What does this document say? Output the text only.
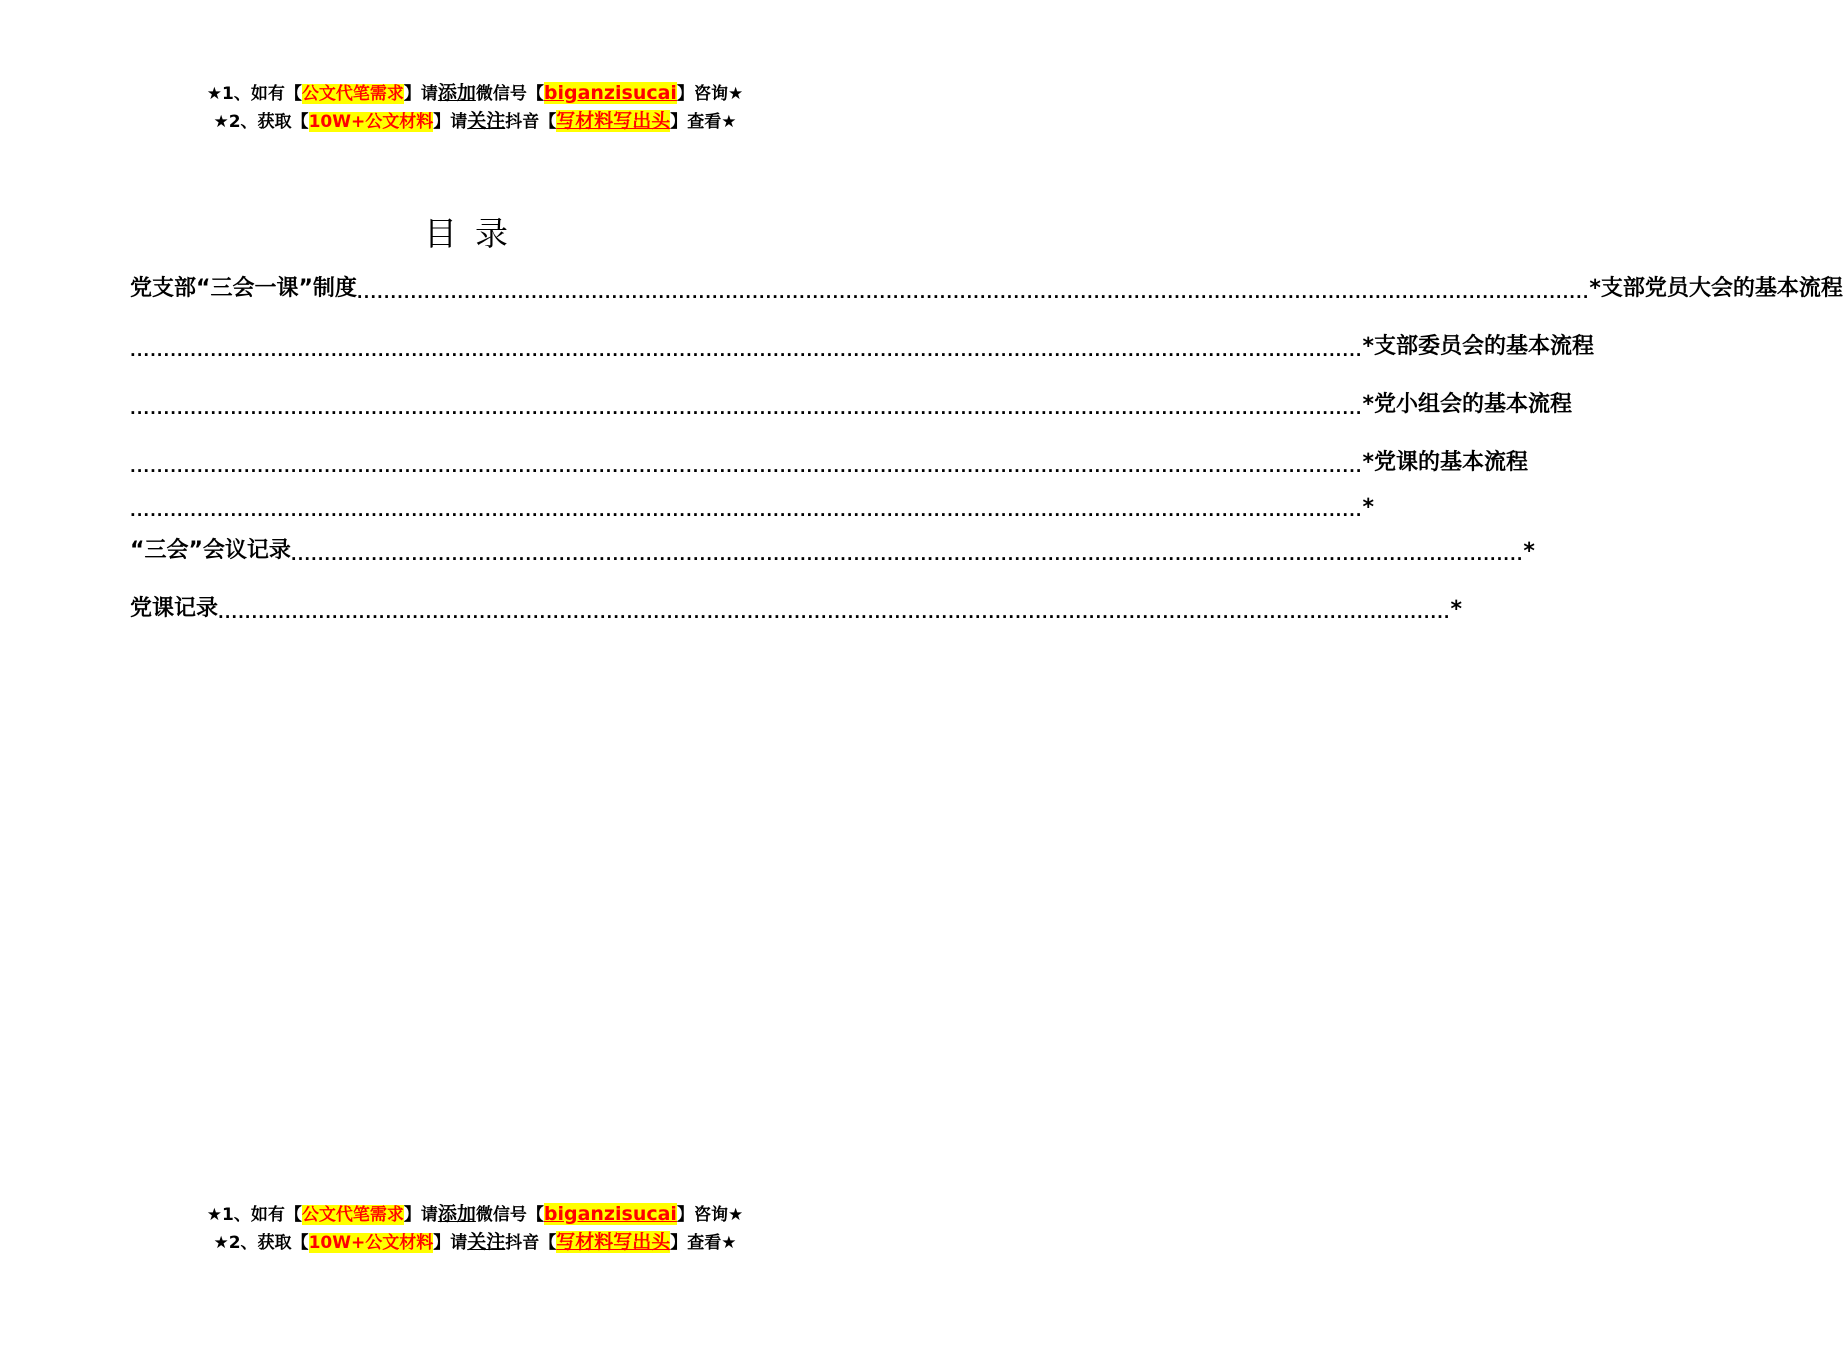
★1、如有【公文代笔需求】请添加微信号【biganzisucai】咨询★
★2、获取【10W+公文材料】请关注抖音【写材料写出头】查看★
目录
党支部“三会一课”制度 ........................................................................................................................................................................................ *支部党员大会的基本流程
........................................................................................................................................................................................ *支部委员会的基本流程
........................................................................................................................................................................................ *党小组会的基本流程
........................................................................................................................................................................................ *党课的基本流程
........................................................................................................................................................................................ *
“三会”会议记录 ........................................................................................................................................................................................ *
党课记录 ........................................................................................................................................................................................ *
★1、如有【公文代笔需求】请添加微信号【biganzisucai】咨询★
★2、获取【10W+公文材料】请关注抖音【写材料写出头】查看★
